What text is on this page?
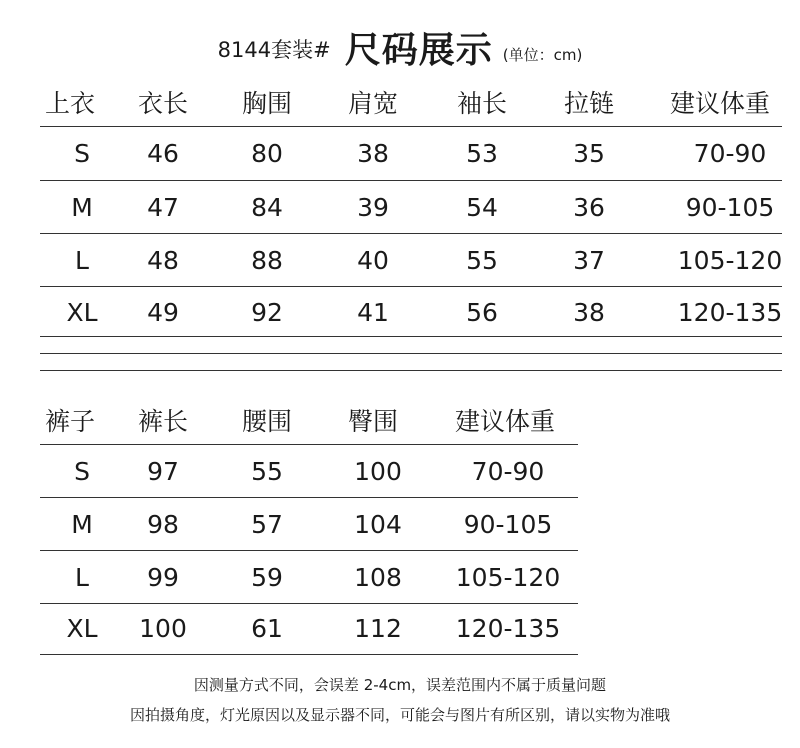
8144套装# 尺码展示 (单位：cm)
上衣	衣长	胸围	肩宽	袖长	拉链	建议体重
S	46	80	38	53	35	70-90
M	47	84	39	54	36	90-105
L	48	88	40	55	37	105-120
XL	49	92	41	56	38	120-135
裤子	裤长	腰围	臀围	建议体重
S	97	55	100	70-90
M	98	57	104	90-105
L	99	59	108	105-120
XL	100	61	112	120-135
因测量方式不同，会误差 2-4cm，误差范围内不属于质量问题
因拍摄角度，灯光原因以及显示器不同，可能会与图片有所区别，请以实物为准哦
